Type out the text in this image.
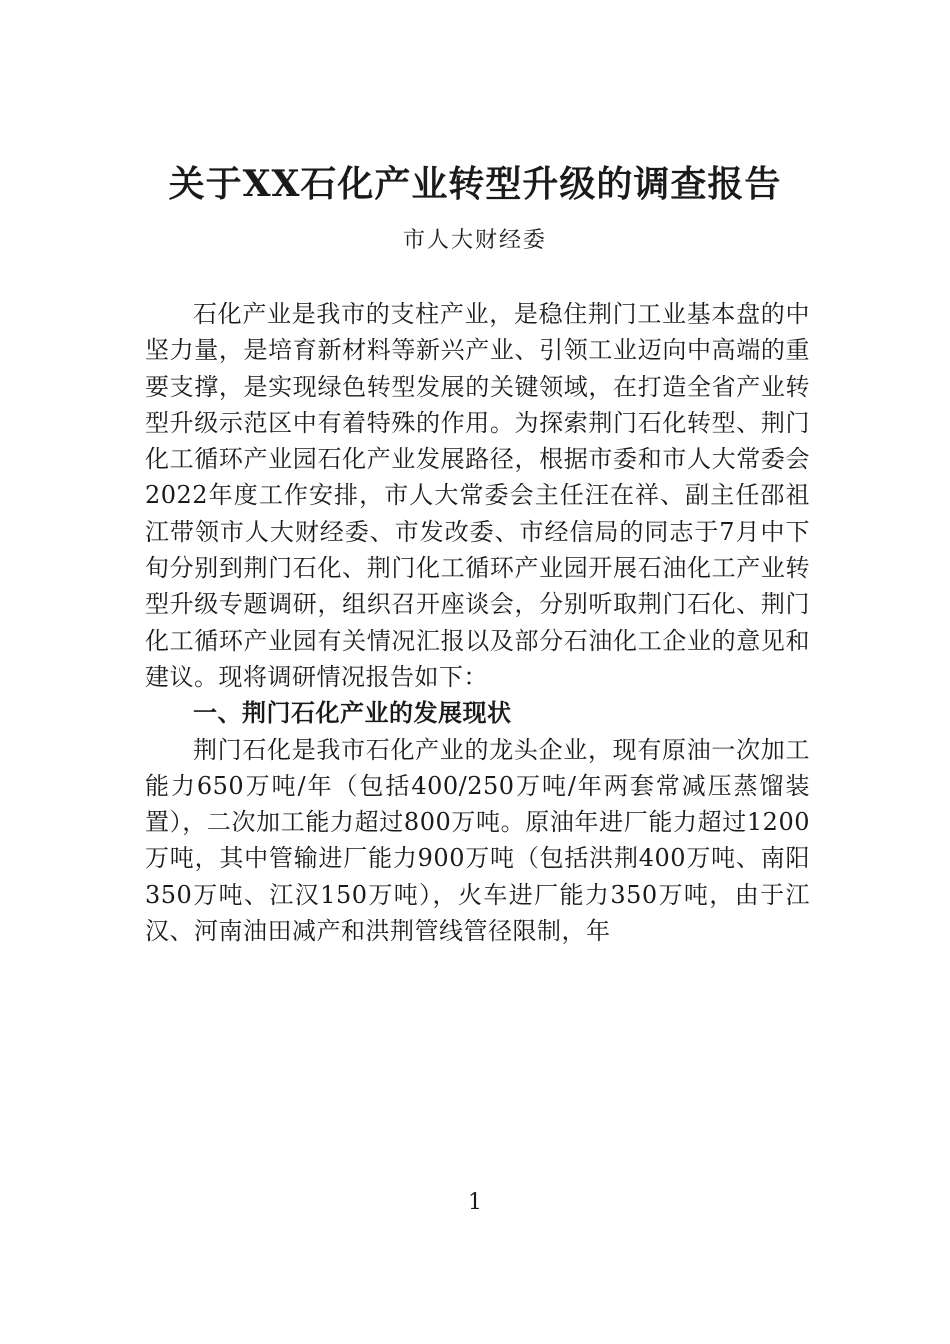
关于XX石化产业转型升级的调查报告
市人大财经委

石化产业是我市的支柱产业，是稳住荆门工业基本盘的中坚力量，是培育新材料等新兴产业、引领工业迈向中高端的重要支撑，是实现绿色转型发展的关键领域，在打造全省产业转型升级示范区中有着特殊的作用。为探索荆门石化转型、荆门化工循环产业园石化产业发展路径，根据市委和市人大常委会2022年度工作安排，市人大常委会主任汪在祥、副主任邵祖江带领市人大财经委、市发改委、市经信局的同志于7月中下旬分别到荆门石化、荆门化工循环产业园开展石油化工产业转型升级专题调研，组织召开座谈会，分别听取荆门石化、荆门化工循环产业园有关情况汇报以及部分石油化工企业的意见和建议。现将调研情况报告如下：

一、荆门石化产业的发展现状

荆门石化是我市石化产业的龙头企业，现有原油一次加工能力650万吨/年（包括400/250万吨/年两套常减压蒸馏装置），二次加工能力超过800万吨。原油年进厂能力超过1200万吨，其中管输进厂能力900万吨（包括洪荆400万吨、南阳350万吨、江汉150万吨），火车进厂能力350万吨，由于江汉、河南油田减产和洪荆管线管径限制，年

1
